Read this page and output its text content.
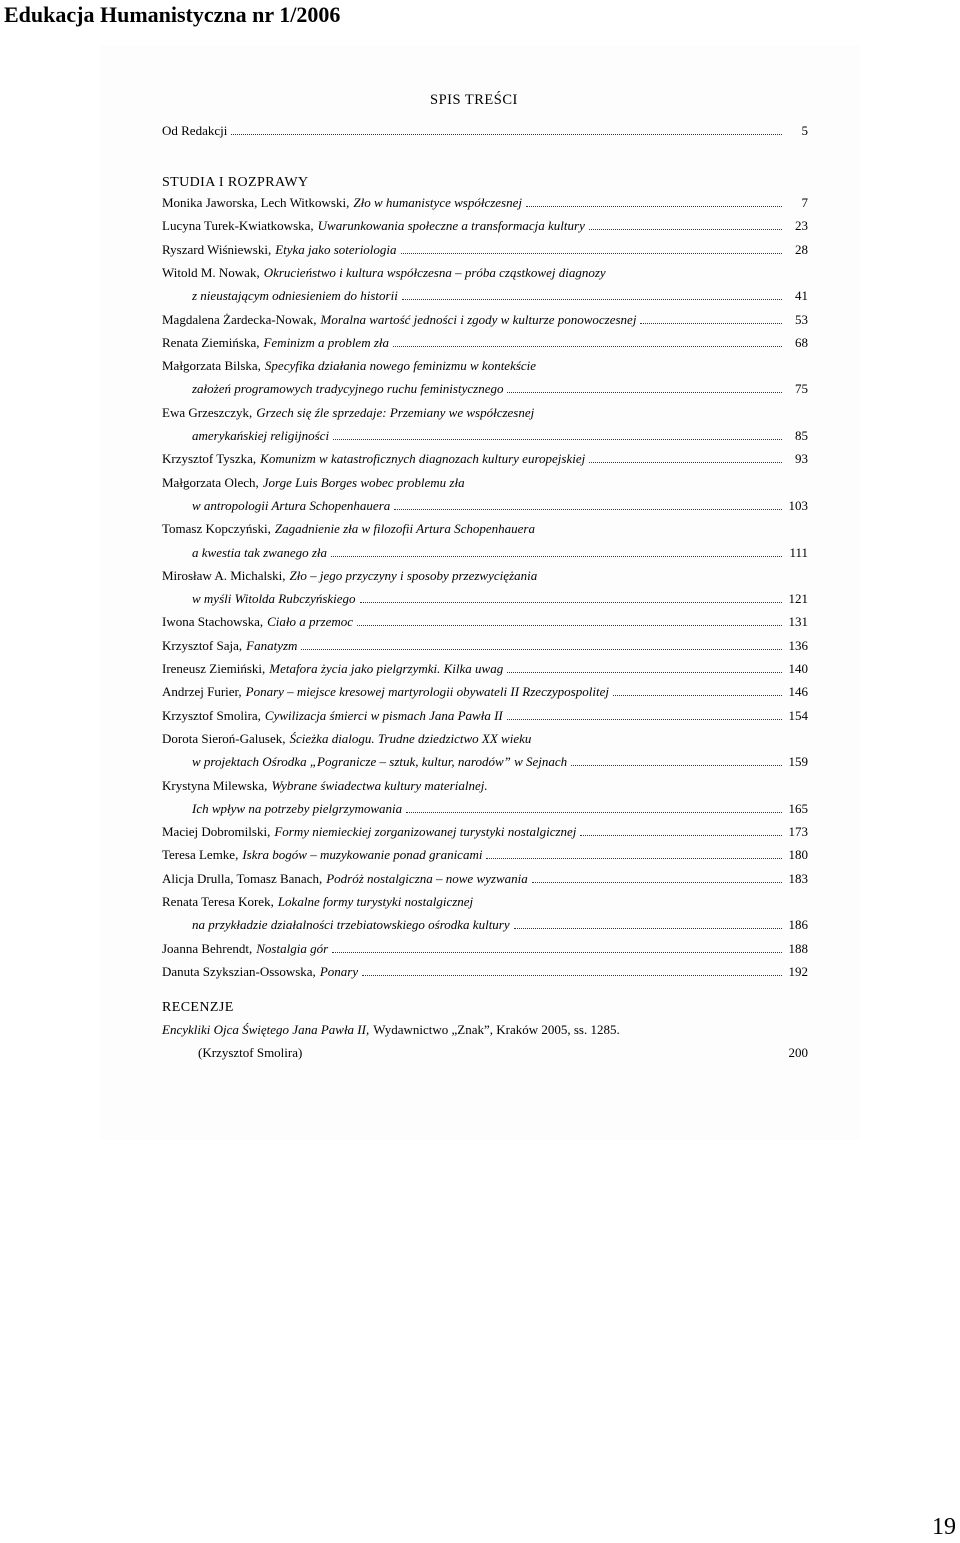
Edukacja Humanistyczna nr 1/2006
SPIS TREŚCI
Od Redakcji	5
STUDIA I ROZPRAWY
Monika Jaworska, Lech Witkowski, Zło w humanistyce współczesnej	7
Lucyna Turek-Kwiatkowska, Uwarunkowania społeczne a transformacja kultury	23
Ryszard Wiśniewski, Etyka jako soteriologia	28
Witold M. Nowak, Okrucieństwo i kultura współczesna – próba cząstkowej diagnozy
z nieustającym odniesieniem do historii	41
Magdalena Żardecka-Nowak, Moralna wartość jedności i zgody w kulturze ponowoczesnej	53
Renata Ziemińska, Feminizm a problem zła	68
Małgorzata Bilska, Specyfika działania nowego feminizmu w kontekście
założeń programowych tradycyjnego ruchu feministycznego	75
Ewa Grzeszczyk, Grzech się źle sprzedaje: Przemiany we współczesnej
amerykańskiej religijności	85
Krzysztof Tyszka, Komunizm w katastroficznych diagnozach kultury europejskiej	93
Małgorzata Olech, Jorge Luis Borges wobec problemu zła
w antropologii Artura Schopenhauera	103
Tomasz Kopczyński, Zagadnienie zła w filozofii Artura Schopenhauera
a kwestia tak zwanego zła	111
Mirosław A. Michalski, Zło – jego przyczyny i sposoby przezwyciężania
w myśli Witolda Rubczyńskiego	121
Iwona Stachowska, Ciało a przemoc	131
Krzysztof Saja, Fanatyzm	136
Ireneusz Ziemiński, Metafora życia jako pielgrzymki. Kilka uwag	140
Andrzej Furier, Ponary – miejsce kresowej martyrologii obywateli II Rzeczypospolitej	146
Krzysztof Smolira, Cywilizacja śmierci w pismach Jana Pawła II	154
Dorota Sieroń-Galusek, Ścieżka dialogu. Trudne dziedzictwo XX wieku
w projektach Ośrodka „Pogranicze – sztuk, kultur, narodów” w Sejnach	159
Krystyna Milewska, Wybrane świadectwa kultury materialnej.
Ich wpływ na potrzeby pielgrzymowania	165
Maciej Dobromilski, Formy niemieckiej zorganizowanej turystyki nostalgicznej	173
Teresa Lemke, Iskra bogów – muzykowanie ponad granicami	180
Alicja Drulla, Tomasz Banach, Podróż nostalgiczna – nowe wyzwania	183
Renata Teresa Korek, Lokalne formy turystyki nostalgicznej
na przykładzie działalności trzebiatowskiego ośrodka kultury	186
Joanna Behrendt, Nostalgia gór	188
Danuta Szykszian-Ossowska, Ponary	192
RECENZJE
Encykliki Ojca Świętego Jana Pawła II, Wydawnictwo „Znak”, Kraków 2005, ss. 1285.
(Krzysztof Smolira)	200
19
